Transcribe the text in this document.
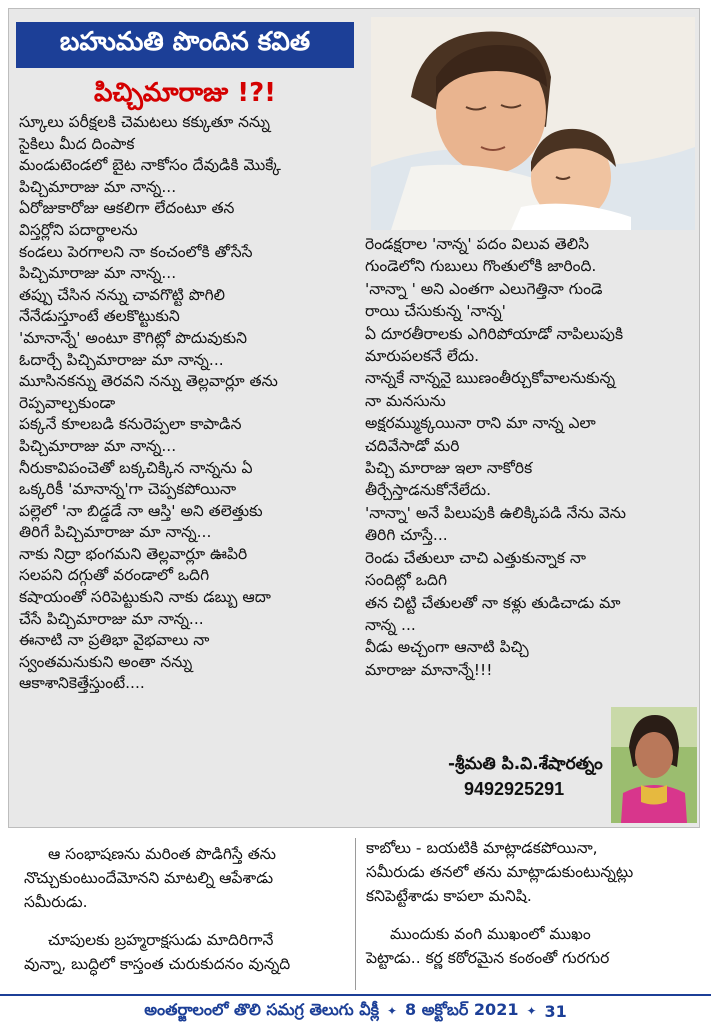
బహుమతి పొందిన కవిత
పిచ్చిమారాజు !?!
స్కూలు పరీక్షలకి చెమటలు కక్కుతూ నన్ను
సైకిలు మీద దింపాక
మండుటెండలో బైట నాకోసం దేవుడికి మొక్కే
పిచ్చిమారాజు మా నాన్న...
ఏరోజుకారోజు ఆకలిగా లేదంటూ తన
విస్తర్లోని పదార్థాలను
కండలు పెరగాలని నా కంచంలోకి తోసేసే
పిచ్చిమారాజు మా నాన్న...
తప్పు చేసిన నన్ను చావగొట్టి పొగిలి
నేనేడుస్తూంటే తలకొట్టుకుని
'మానాన్నే' అంటూ కౌగిట్లో పొదువుకుని
ఓదార్చే పిచ్చిమారాజు మా నాన్న...
మూసినకన్ను తెరవని నన్ను తెల్లవార్లూ తను
రెప్పవాల్చకుండా
పక్కనే కూలబడి కనురెప్పలా కాపాడిన
పిచ్చిమారాజు మా నాన్న...
నీరుకావిపంచెతో బక్కచిక్కిన నాన్నను ఏ
ఒక్కరికీ 'మానాన్న'గా చెప్పకపోయినా
పల్లెలో 'నా బిడ్డడే నా ఆస్తి' అని తలెత్తుకు
తిరిగే పిచ్చిమారాజు మా నాన్న...
నాకు నిద్రా భంగమని తెల్లవార్లూ ఊపిరి
సలపని దగ్గుతో వరండాలో ఒదిగి
కషాయంతో సరిపెట్టుకుని నాకు డబ్బు ఆదా
చేసే పిచ్చిమారాజు మా నాన్న...
ఈనాటి నా ప్రతిభా వైభవాలు నా
స్వంతమనుకుని అంతా నన్ను
ఆకాశానికెత్తేస్తుంటే....
రెండక్షరాల 'నాన్న' పదం విలువ తెలిసి
గుండెలోని గుబులు గొంతులోకి జారింది.
'నాన్నా ' అని ఎంతగా ఎలుగెత్తినా గుండె
రాయి చేసుకున్న 'నాన్న'
ఏ దూరతీరాలకు ఎగిరిపోయాడో నాపిలుపుకి
మారుపలకనే లేదు.
నాన్నకే నాన్ననై ఋణంతీర్చుకోవాలనుకున్న
నా మనసును
అక్షరమ్ముక్కయినా రాని మా నాన్న ఎలా
చదివేసాడో మరి
పిచ్చి మారాజు ఇలా నాకోరిక
తీర్చేస్తాడనుకోనేలేదు.
'నాన్నా' అనే పిలుపుకి ఉలిక్కిపడి నేను వెను
తిరిగి చూస్తే...
రెండు చేతులూ చాచి ఎత్తుకున్నాక నా
సందిట్లో ఒదిగి
తన చిట్టి చేతులతో నా కళ్లు తుడిచాడు మా
నాన్న ...
వీడు అచ్చంగా ఆనాటి పిచ్చి
మారాజు మానాన్నే!!!
-శ్రీమతి పి.వి.శేషారత్నం
9492925291
ఆ సంభాషణను మరింత పొడిగిస్తే తను
నొచ్చుకుంటుందేమోనని మాటల్ని ఆపేశాడు
సమీరుడు.
చూపులకు బ్రహ్మరాక్షసుడు మాదిరిగానే
వున్నా, బుద్ధిలో కాస్తంత చురుకుదనం వున్నది
కాబోలు - బయటికి మాట్లాడకపోయినా,
సమీరుడు తనలో తను మాట్లాడుకుంటున్నట్లు
కనిపెట్టేశాడు కాపలా మనిషి.
ముందుకు వంగి ముఖంలో ముఖం
పెట్టాడు.. కర్ణ కఠోరమైన కంఠంతో గురగుర
అంతర్జాలంలో తొలి సమగ్ర తెలుగు వీక్లీ ✦ 8 అక్టోబర్ 2021 ✦ 31
